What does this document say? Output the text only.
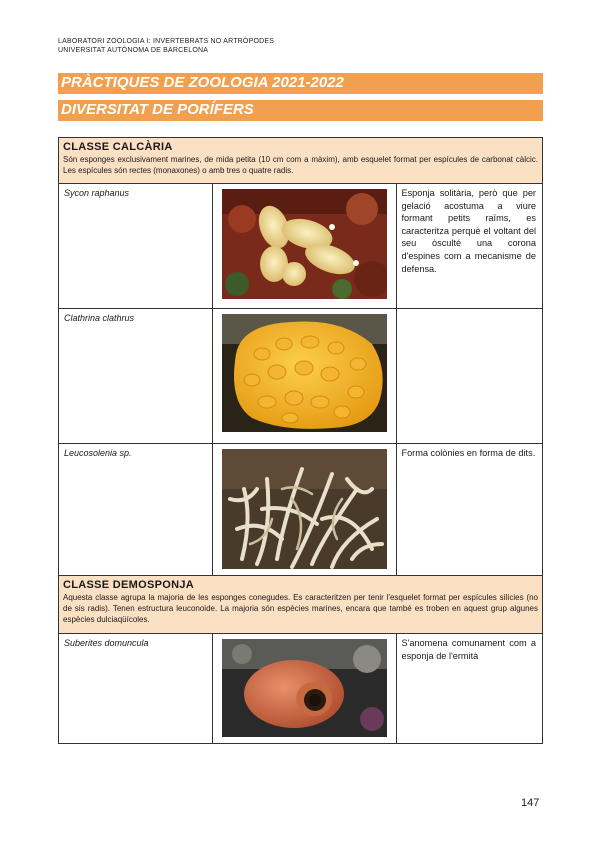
LABORATORI ZOOLOGIA I: INVERTEBRATS NO ARTRÒPODES
UNIVERSITAT AUTÒNOMA DE BARCELONA
PRÀCTIQUES DE ZOOLOGIA 2021-2022
DIVERSITAT DE PORÍFERS
CLASSE CALCÀRIA
Són esponges exclusivament marines, de mida petita (10 cm com a màxim), amb esquelet format per espícules de carbonat càlcic. Les espícules són rectes (monaxones) o amb tres o quatre radis.		

Sycon raphanus		Esponja solitària, però que per gelació acostuma a viure formant petits raïms, es caracteritza perquè el voltant del seu òsculté una corona d'espines com a mecanisme de defensa.
Clathrina clathrus	

Leucosolenia sp.		Forma colònies en forma de dits.

CLASSE DEMOSPONJA
Aquesta classe agrupa la majoria de les esponges conegudes. Es caracteritzen per tenir l'esquelet format per espícules silícies (no de sis radis). Tenen estructura leuconoide. La majoria són espècies marines, encara que també es troben en aquest grup algunes espècies dulciaqüícoles.		

Suberites domuncula		S'anomena comunament com a esponja de l'ermità
147
